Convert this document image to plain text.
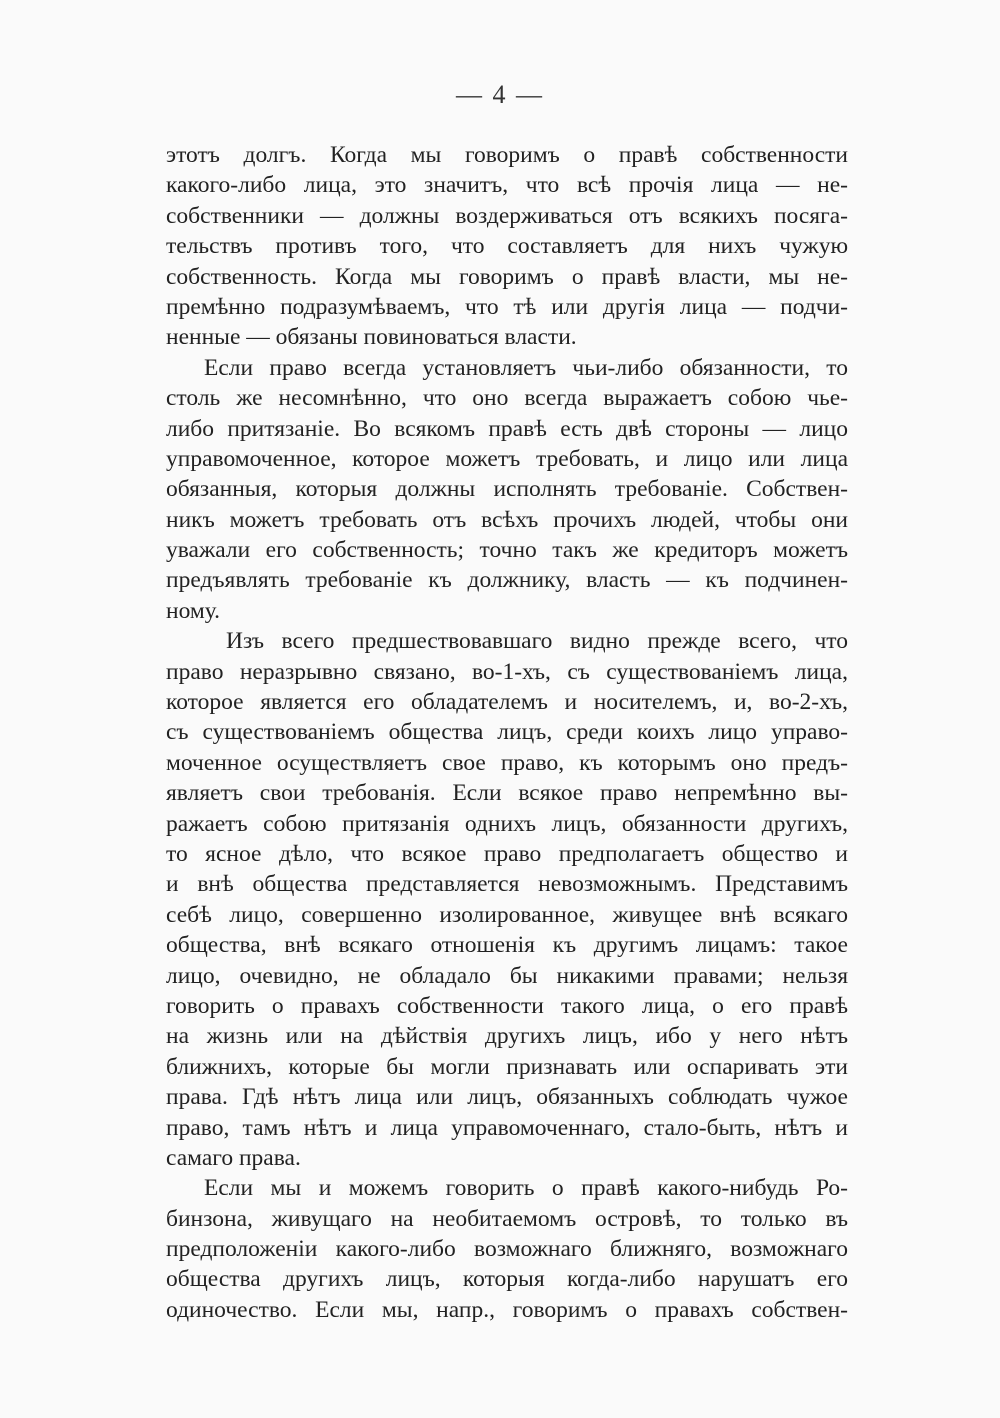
— 4 —
этотъ долгъ. Когда мы говоримъ о правѣ собственности
какого-либо лица, это значитъ, что всѣ прочія лица — не-
собственники — должны воздерживаться отъ всякихъ посяга-
тельствъ противъ того, что составляетъ для нихъ чужую
собственность. Когда мы говоримъ о правѣ власти, мы не-
премѣнно подразумѣваемъ, что тѣ или другія лица — подчи-
ненные — обязаны повиноваться власти.
Если право всегда установляетъ чьи-либо обязанности, то
столь же несомнѣнно, что оно всегда выражаетъ собою чье-
либо притязаніе. Во всякомъ правѣ есть двѣ стороны — лицо
управомоченное, которое можетъ требовать, и лицо или лица
обязанныя, которыя должны исполнять требованіе. Собствен-
никъ можетъ требовать отъ всѣхъ прочихъ людей, чтобы они
уважали его собственность; точно такъ же кредиторъ можетъ
предъявлять требованіе къ должнику, власть — къ подчинен-
ному.
Изъ всего предшествовавшаго видно прежде всего, что
право неразрывно связано, во-1-хъ, съ существованіемъ лица,
которое является его обладателемъ и носителемъ, и, во-2-хъ,
съ существованіемъ общества лицъ, среди коихъ лицо управо-
моченное осуществляетъ свое право, къ которымъ оно предъ-
являетъ свои требованія. Если всякое право непремѣнно вы-
ражаетъ собою притязанія однихъ лицъ, обязанности другихъ,
то ясное дѣло, что всякое право предполагаетъ общество и
и внѣ общества представляется невозможнымъ. Представимъ
себѣ лицо, совершенно изолированное, живущее внѣ всякаго
общества, внѣ всякаго отношенія къ другимъ лицамъ: такое
лицо, очевидно, не обладало бы никакими правами; нельзя
говорить о правахъ собственности такого лица, о его правѣ
на жизнь или на дѣйствія другихъ лицъ, ибо у него нѣтъ
ближнихъ, которые бы могли признавать или оспаривать эти
права. Гдѣ нѣтъ лица или лицъ, обязанныхъ соблюдать чужое
право, тамъ нѣтъ и лица управомоченнаго, стало-быть, нѣтъ и
самаго права.
Если мы и можемъ говорить о правѣ какого-нибудь Ро-
бинзона, живущаго на необитаемомъ островѣ, то только въ
предположеніи какого-либо возможнаго ближняго, возможнаго
общества другихъ лицъ, которыя когда-либо нарушатъ его
одиночество. Если мы, напр., говоримъ о правахъ собствен-
